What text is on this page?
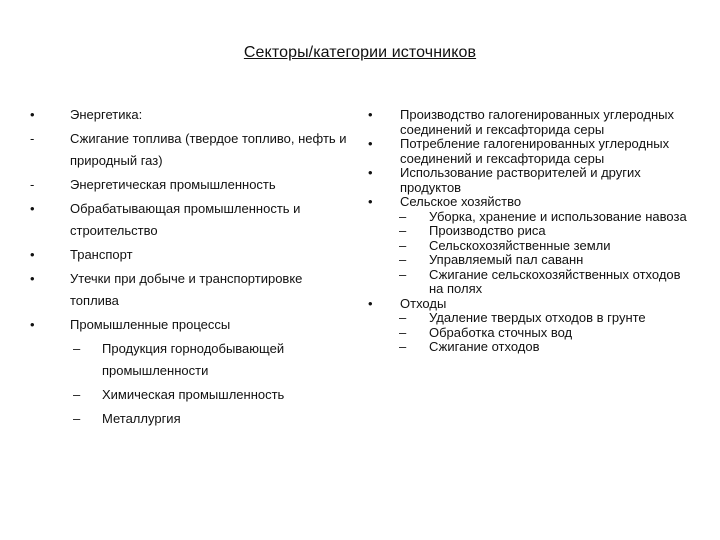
Секторы/категории источников
•	Энергетика:
-	Сжигание топлива (твердое топливо, нефть и природный газ)
-	Энергетическая промышленность
•	Обрабатывающая промышленность и строительство
•	Транспорт
•	Утечки при добыче и транспортировке топлива
•	Промышленные процессы
–	Продукция горнодобывающей промышленности
–	Химическая промышленность
–	Металлургия
•	Производство галогенированных углеродных соединений и гексафторида серы
•	Потребление галогенированных углеродных соединений и гексафторида серы
•	Использование растворителей и других продуктов
•	Сельское хозяйство
–	Уборка, хранение и использование навоза
–	Производство риса
–	Сельскохозяйственные земли
–	Управляемый пал саванн
–	Сжигание сельскохозяйственных отходов на полях
•	Отходы
–	Удаление твердых отходов в грунте
–	Обработка сточных вод
–	Сжигание отходов
